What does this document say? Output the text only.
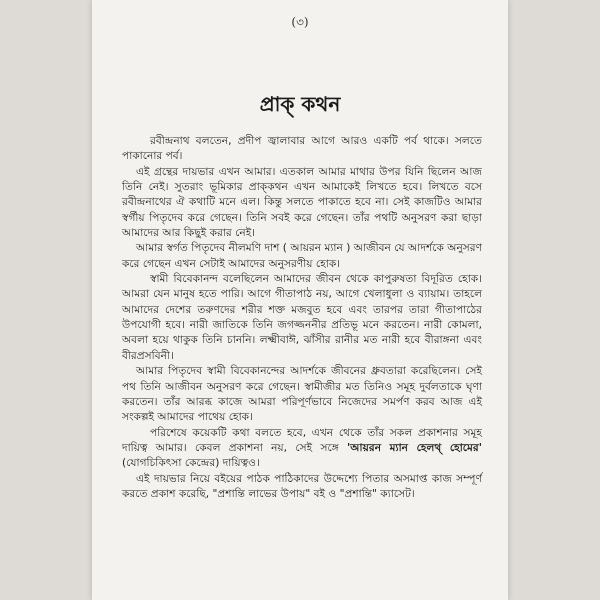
(৩)
প্রাক্‌ কথন

রবীন্দ্রনাথ বলতেন, প্রদীপ জ্বালাবার আগে আরও একটি পর্ব থাকে। সলতে পাকানোর পর্ব।

এই গ্রন্থের দায়ভার এখন আমার। এতকাল আমার মাথার উপর যিনি ছিলেন আজ তিনি নেই। সুতরাং ভূমিকার প্রাক্‌কথন এখন আমাকেই লিখতে হবে। লিখতে বসে রবীন্দ্রনাথের ঐ কথাটি মনে এল। কিন্তু সলতে পাকাতে হবে না। সেই কাজটিও আমার স্বর্গীয় পিতৃদেব করে গেছেন। তিনি সবই করে গেছেন। তাঁর পথটি অনুসরণ করা ছাড়া আমাদের আর কিছুই করার নেই।

আমার স্বর্গত পিতৃদেব নীলমণি দাশ ( আয়রন ম্যান ) আজীবন যে আদর্শকে অনুসরণ করে গেছেন এখন সেটাই আমাদের অনুসরণীয় হোক।

স্বামী বিবেকানন্দ বলেছিলেন আমাদের জীবন থেকে কাপুরুষতা বিদূরিত হোক। আমরা যেন মানুষ হতে পারি। আগে গীতাপাঠ নয়, আগে খেলাধুলা ও ব্যায়াম। তাহলে আমাদের দেশের তরুণদের শরীর শক্ত মজবুত হবে এবং তারপর তারা গীতাপাঠের উপযোগী হবে। নারী জাতিকে তিনি জগজ্জননীর প্রতিভূ মনে করতেন। নারী কোমলা, অবলা হয়ে থাকুক তিনি চাননি। লক্ষ্মীবাঈ, ঝাঁসীর রানীর মত নারী হবে বীরাঙ্গনা এবং বীরপ্রসবিনী।

আমার পিতৃদেব স্বামী বিবেকানন্দের আদর্শকে জীবনের ধ্রুবতারা করেছিলেন। সেই পথ তিনি আজীবন অনুসরণ করে গেছেন। স্বামীজীর মত তিনিও সমূহ দুর্বলতাকে ঘৃণা করতেন। তাঁর আরব্ধ কাজে আমরা পরিপূর্ণভাবে নিজেদের সমর্পণ করব আজ এই সংকল্পই আমাদের পাথেয় হোক।

পরিশেষে কয়েকটি কথা বলতে হবে, এখন থেকে তাঁর সকল প্রকাশনার সমূহ দায়িত্ব আমার। কেবল প্রকাশনা নয়, সেই সঙ্গে 'আয়রন ম্যান হেলথ্‌ হোমের' (যোগচিকিৎসা কেন্দ্রের) দায়িত্বও।

এই দায়ভার নিয়ে বইয়ের পাঠক পাঠিকাদের উদ্দেশ্যে পিতার অসমাপ্ত কাজ সম্পূর্ণ করতে প্রকাশ করেছি, "প্রশান্তি লাভের উপায়" বই ও "প্রশান্তি" ক্যাসেট।
